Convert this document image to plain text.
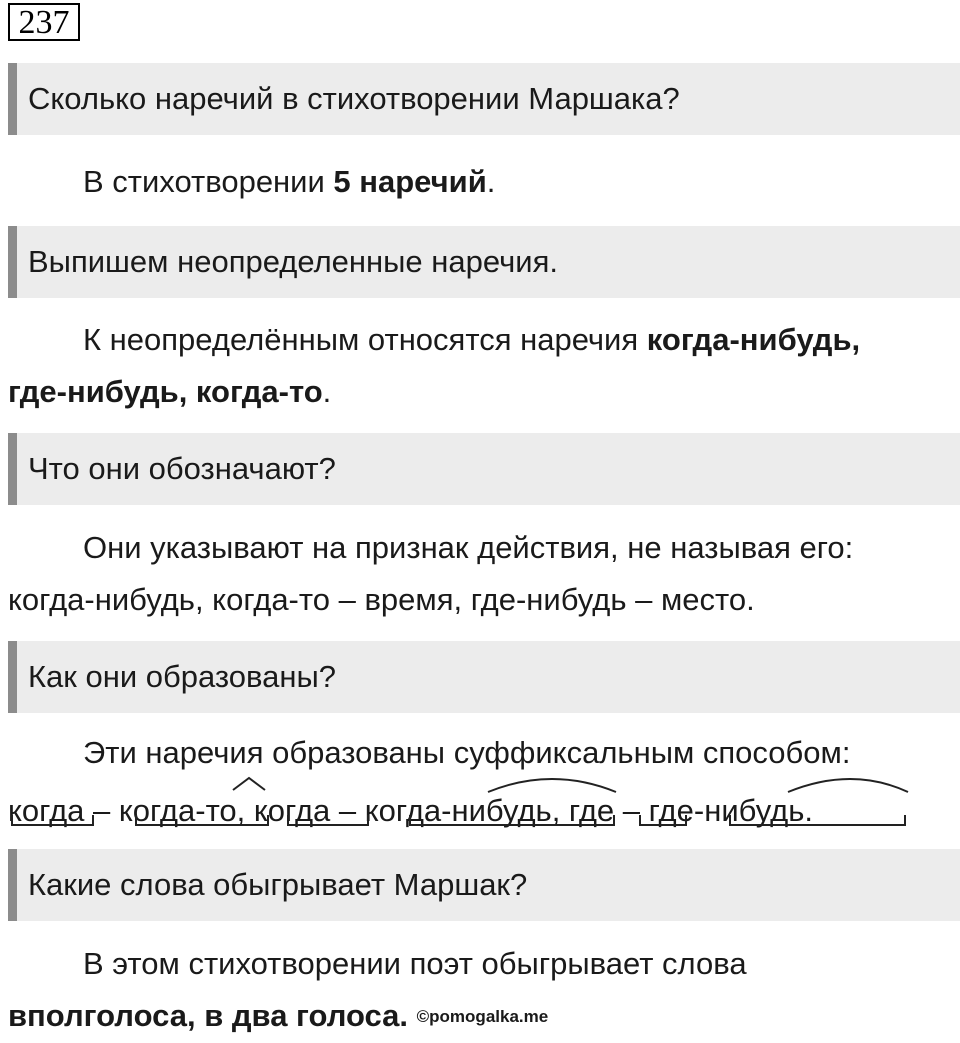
237
Сколько наречий в стихотворении Маршака?
В стихотворении 5 наречий.
Выпишем неопределенные наречия.
К неопределённым относятся наречия когда-нибудь,
где-нибудь, когда-то.
Что они обозначают?
Они указывают на признак действия, не называя его:
когда-нибудь, когда-то – время, где-нибудь – место.
Как они образованы?
Эти наречия образованы суффиксальным способом:
когда – когда-то, когда – когда-нибудь, где – где-нибудь.
Какие слова обыгрывает Маршак?
В этом стихотворении поэт обыгрывает слова
вполголоса, в два голоса. ©pomogalka.me
